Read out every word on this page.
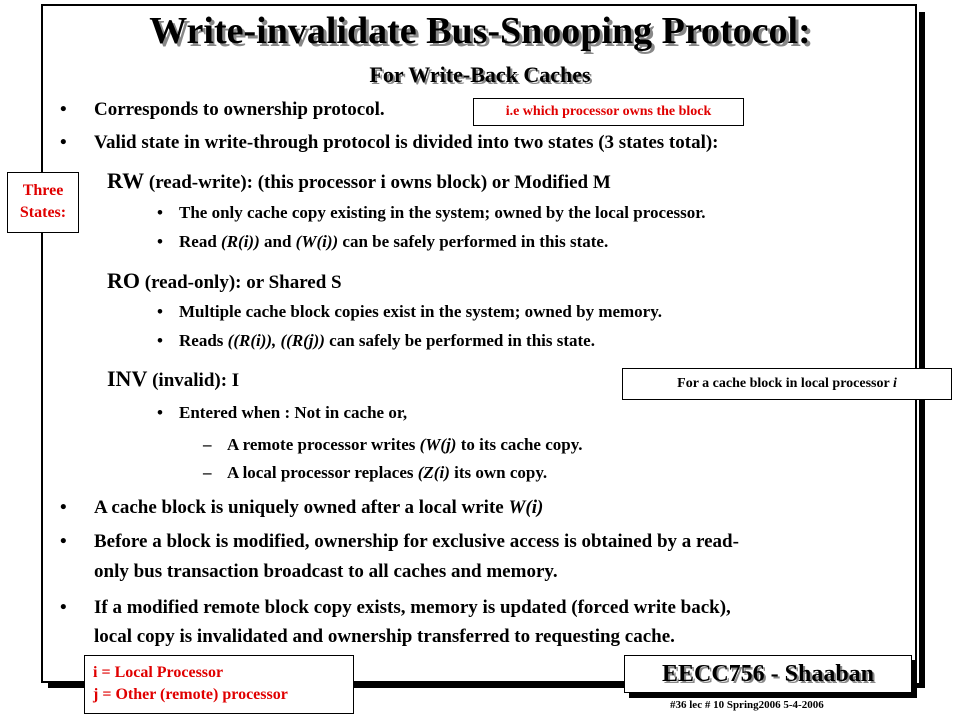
Write-invalidate Bus-Snooping Protocol:
For Write-Back Caches
• Corresponds to ownership protocol.
• Valid state in write-through protocol is divided into two states (3 states total):
RW (read-write): (this processor i owns block) or Modified M
• The only cache copy existing in the system; owned by the local processor.
• Read (R(i)) and (W(i)) can be safely performed in this state.
RO (read-only): or Shared S
• Multiple cache block copies exist in the system; owned by memory.
• Reads ((R(i)), ((R(j)) can safely be performed in this state.
INV (invalid): I
• Entered when : Not in cache or,
– A remote processor writes (W(j) to its cache copy.
– A local processor replaces (Z(i) its own copy.
• A cache block is uniquely owned after a local write W(i)
• Before a block is modified, ownership for exclusive access is obtained by a read-
only bus transaction broadcast to all caches and memory.
• If a modified remote block copy exists, memory is updated (forced write back),
local copy is invalidated and ownership transferred to requesting cache.
i.e which processor owns the block
Three
States:
For a cache block in local processor i
i = Local Processor
j = Other (remote) processor
EECC756 - Shaaban
#36 lec # 10 Spring2006 5-4-2006
